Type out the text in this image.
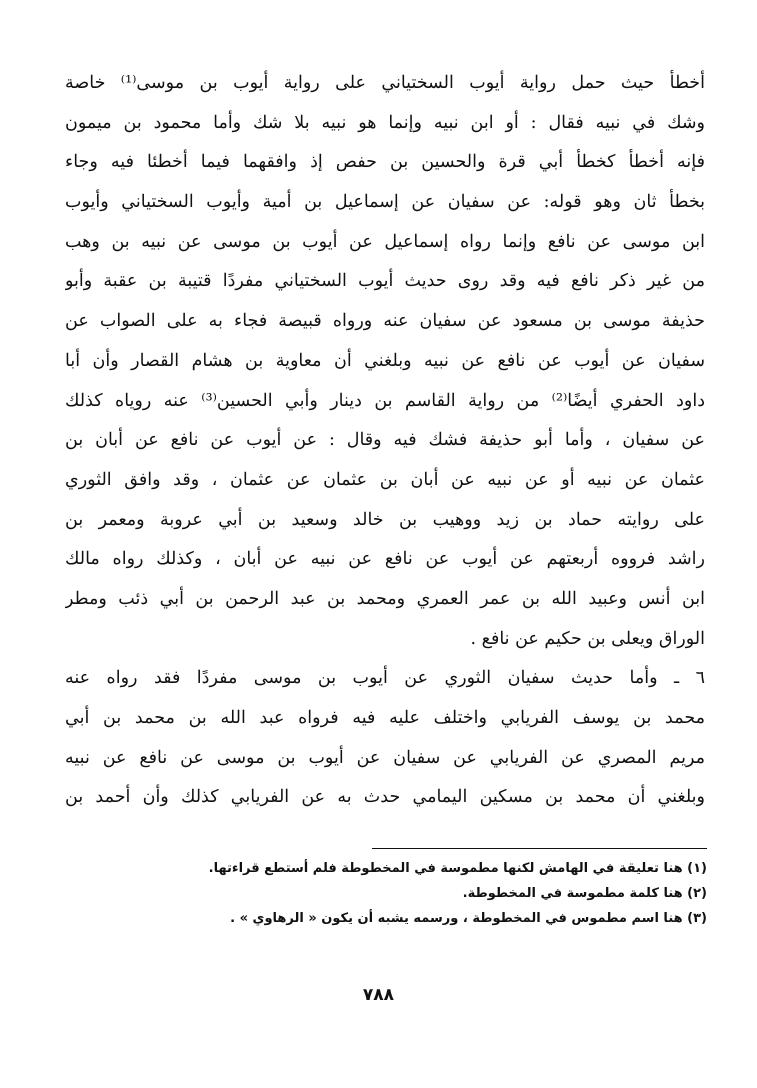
أخطأ حيث حمل رواية أيوب السختياني على رواية أيوب بن موسى⁽¹⁾ خاصة
وشك في نبيه فقال : أو ابن نبيه وإنما هو نبيه بلا شك وأما محمود بن ميمون
فإنه أخطأ كخطأ أبي قرة والحسين بن حفص إذ وافقهما فيما أخطئا فيه وجاء
بخطأ ثان وهو قوله: عن سفيان عن إسماعيل بن أمية وأيوب السختياني وأيوب
ابن موسى عن نافع وإنما رواه إسماعيل عن أيوب بن موسى عن نبيه بن وهب
من غير ذكر نافع فيه وقد روى حديث أيوب السختياني مفردًا قتيبة بن عقبة وأبو
حذيفة موسى بن مسعود عن سفيان عنه ورواه قبيصة فجاء به على الصواب عن
سفيان عن أيوب عن نافع عن نبيه وبلغني أن معاوية بن هشام القصار وأن أبا
داود الحفري أيضًا⁽²⁾ من رواية القاسم بن دينار وأبي الحسين⁽³⁾ عنه روياه كذلك
عن سفيان ، وأما أبو حذيفة فشك فيه وقال : عن أيوب عن نافع عن أبان بن
عثمان عن نبيه أو عن نبيه عن أبان بن عثمان عن عثمان ، وقد وافق الثوري
على روايته حماد بن زيد ووهيب بن خالد وسعيد بن أبي عروبة ومعمر بن
راشد فرووه أربعتهم عن أيوب عن نافع عن نبيه عن أبان ، وكذلك رواه مالك
ابن أنس وعبيد الله بن عمر العمري ومحمد بن عبد الرحمن بن أبي ذئب ومطر
الوراق ويعلى بن حكيم عن نافع .
٦ ـ وأما حديث سفيان الثوري عن أيوب بن موسى مفردًا فقد رواه عنه
محمد بن يوسف الفريابي واختلف عليه فيه فرواه عبد الله بن محمد بن أبي
مريم المصري عن الفريابي عن سفيان عن أيوب بن موسى عن نافع عن نبيه
وبلغني أن محمد بن مسكين اليمامي حدث به عن الفريابي كذلك وأن أحمد بن
(١) هنا تعليقة في الهامش لكنها مطموسة في المخطوطة فلم أستطع قراءتها.
(٢) هنا كلمة مطموسة في المخطوطة.
(٣) هنا اسم مطموس في المخطوطة ، ورسمه يشبه أن يكون « الرهاوي » .
٧٨٨
